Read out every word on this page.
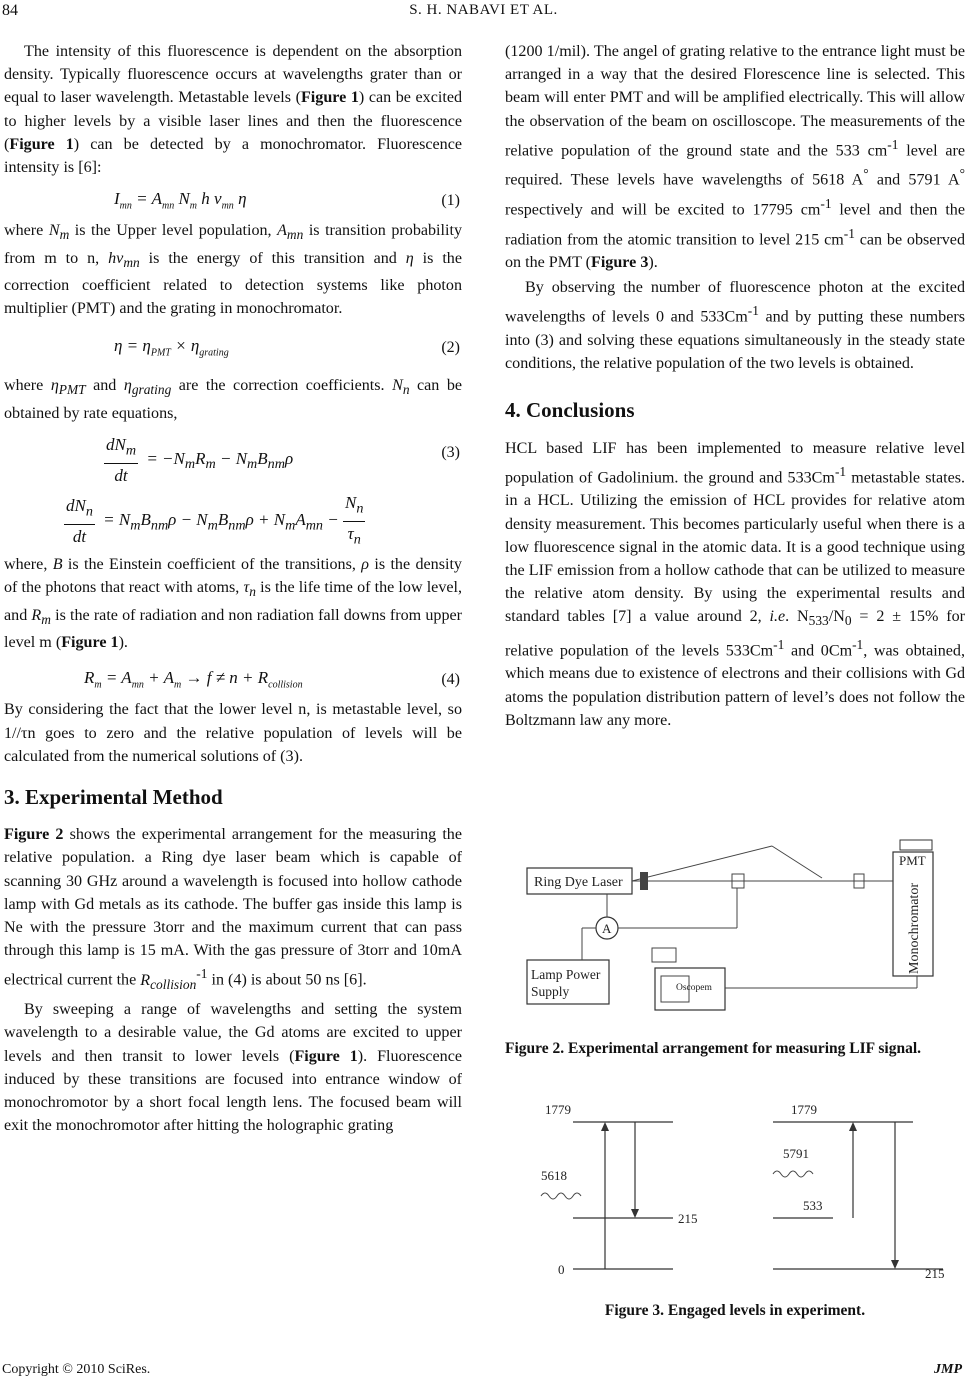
84	S. H. NABAVI ET AL.

The intensity of this fluorescence is dependent on the absorption density. Typically fluorescence occurs at wavelengths grater than or equal to laser wavelength. Metastable levels (Figure 1) can be excited to higher levels by a visible laser lines and then the fluorescence (Figure 1) can be detected by a monochromator. Fluorescence intensity is [6]:

$I_{mn} = A_{mn}$ $N_m$ h $\nu_{mn}$ η	(1)

where $N_m$ is the Upper level population, $A_{mn}$ is transition probability from m to n, $h\nu_{mn}$ is the energy of this transition and η is the correction coefficient related to detection systems like photon multiplier (PMT) and the grating in monochromator.

$\eta = \eta_{PMT} \times \eta_{grating}$	(2)

where $\eta_{PMT}$ and $\eta_{grating}$ are the correction coefficients. $N_n$ can be obtained by rate equations,

$\frac{dN_m}{dt} = -N_mR_m - N_mB_{nm}\rho$
$\frac{dN_n}{dt} = N_mB_{nm}\rho - N_mB_{nm}\rho + N_mA_{mn} - \frac{N_n}{\tau_n}$
(3)

where, B is the Einstein coefficient of the transitions, ρ is the density of the photons that react with atoms, $\tau_n$ is the life time of the low level, and $R_m$ is the rate of radiation and non radiation fall downs from upper level m (Figure 1).

$R_m = A_{mn} + A_m \to f \ne n + R_{collision}$	(4)

By considering the fact that the lower level n, is metastable level, so 1//τn goes to zero and the relative population of levels will be calculated from the numerical solutions of (3).

3. Experimental Method

Figure 2 shows the experimental arrangement for the measuring the relative population. a Ring dye laser beam which is capable of scanning 30 GHz around a wavelength is focused into hollow cathode lamp with Gd metals as its cathode. The buffer gas inside this lamp is Ne with the pressure 3torr and the maximum current that can pass through this lamp is 15 mA. With the gas pressure of 3torr and 10mA electrical current the $R_{collision}^{-1}$ in (4) is about 50 ns [6].

By sweeping a range of wavelengths and setting the system wavelength to a desirable value, the Gd atoms are excited to upper levels and then transit to lower levels (Figure 1). Fluorescence induced by these transitions are focused into entrance window of monochromotor by a short focal length lens. The focused beam will exit the monochromotor after hitting the holographic grating

(1200 1/mil). The angel of grating relative to the entrance light must be arranged in a way that the desired Florescence line is selected. This beam will enter PMT and will be amplified electrically. This will allow the observation of the beam on oscilloscope. The measurements of the relative population of the ground state and the 533 $cm^{-1}$ level are required. These levels have wavelengths of 5618 A° and 5791 A° respectively and will be excited to 17795 $cm^{-1}$ level and then the radiation from the atomic transition to level 215 $cm^{-1}$ can be observed on the PMT (Figure 3).

By observing the number of fluorescence photon at the excited wavelengths of levels 0 and $533Cm^{-1}$ and by putting these numbers into (3) and solving these equations simultaneously in the steady state conditions, the relative population of the two levels is obtained.

4. Conclusions

HCL based LIF has been implemented to measure relative level population of Gadolinium. the ground and $533Cm^{-1}$ metastable states. in a HCL. Utilizing the emission of HCL provides for relative atom density measurement. This becomes particularly useful when there is a low fluorescence signal in the atomic data. It is a good technique using the LIF emission from a hollow cathode that can be utilized to measure the relative atom density. By using the experimental results and standard tables [7] a value around 2, i.e. $N_{533}/N_0 = 2 \pm 15\%$ for relative population of the levels $533Cm^{-1}$ and $0Cm^{-1}$, was obtained, which means due to existence of electrons and their collisions with Gd atoms the population distribution pattern of level’s does not follow the Boltzmann law any more.

Ring Dye Laser
Monochromator
PMT
A
Lamp Power
Supply	Oscopem
Figure 2. Experimental arrangement for measuring LIF signal.
1779
215
0
5618
1779
533
215
5791
Figure 3. Engaged levels in experiment.
Copyright © 2010 SciRes.	JMP
